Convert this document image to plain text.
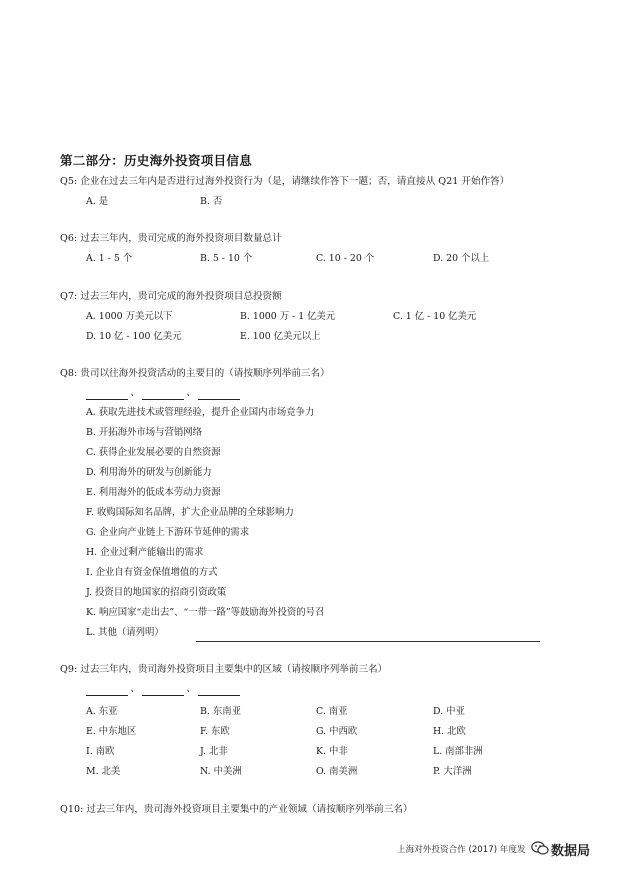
第二部分：历史海外投资项目信息
Q5: 企业在过去三年内是否进行过海外投资行为（是，请继续作答下一题；否，请直接从 Q21 开始作答）
A. 是	B. 否
Q6: 过去三年内，贵司完成的海外投资项目数量总计
A. 1 - 5 个	B. 5 - 10 个	C. 10 - 20 个	D. 20 个以上
Q7: 过去三年内，贵司完成的海外投资项目总投资额
A. 1000 万美元以下	B. 1000 万 - 1 亿美元	C. 1 亿 - 10 亿美元
D. 10 亿 - 100 亿美元	E. 100 亿美元以上
Q8: 贵司以往海外投资活动的主要目的（请按顺序列举前三名）
、	、
A. 获取先进技术或管理经验，提升企业国内市场竞争力
B. 开拓海外市场与营销网络
C. 获得企业发展必要的自然资源
D. 利用海外的研发与创新能力
E. 利用海外的低成本劳动力资源
F. 收购国际知名品牌，扩大企业品牌的全球影响力
G. 企业向产业链上下游环节延伸的需求
H. 企业过剩产能输出的需求
I. 企业自有资金保值增值的方式
J. 投资目的地国家的招商引资政策
K. 响应国家“走出去”、“一带一路”等鼓励海外投资的号召
L. 其他（请列明）
Q9: 过去三年内，贵司海外投资项目主要集中的区域（请按顺序列举前三名）
、	、
A. 东亚	B. 东南亚	C. 南亚	D. 中亚
E. 中东地区	F. 东欧	G. 中西欧	H. 北欧
I. 南欧	J. 北非	K. 中非	L. 南部非洲
M. 北美	N. 中美洲	O. 南美洲	P. 大洋洲
Q10: 过去三年内，贵司海外投资项目主要集中的产业领域（请按顺序列举前三名）
上海对外投资合作 (2017) 年度发 数据局
